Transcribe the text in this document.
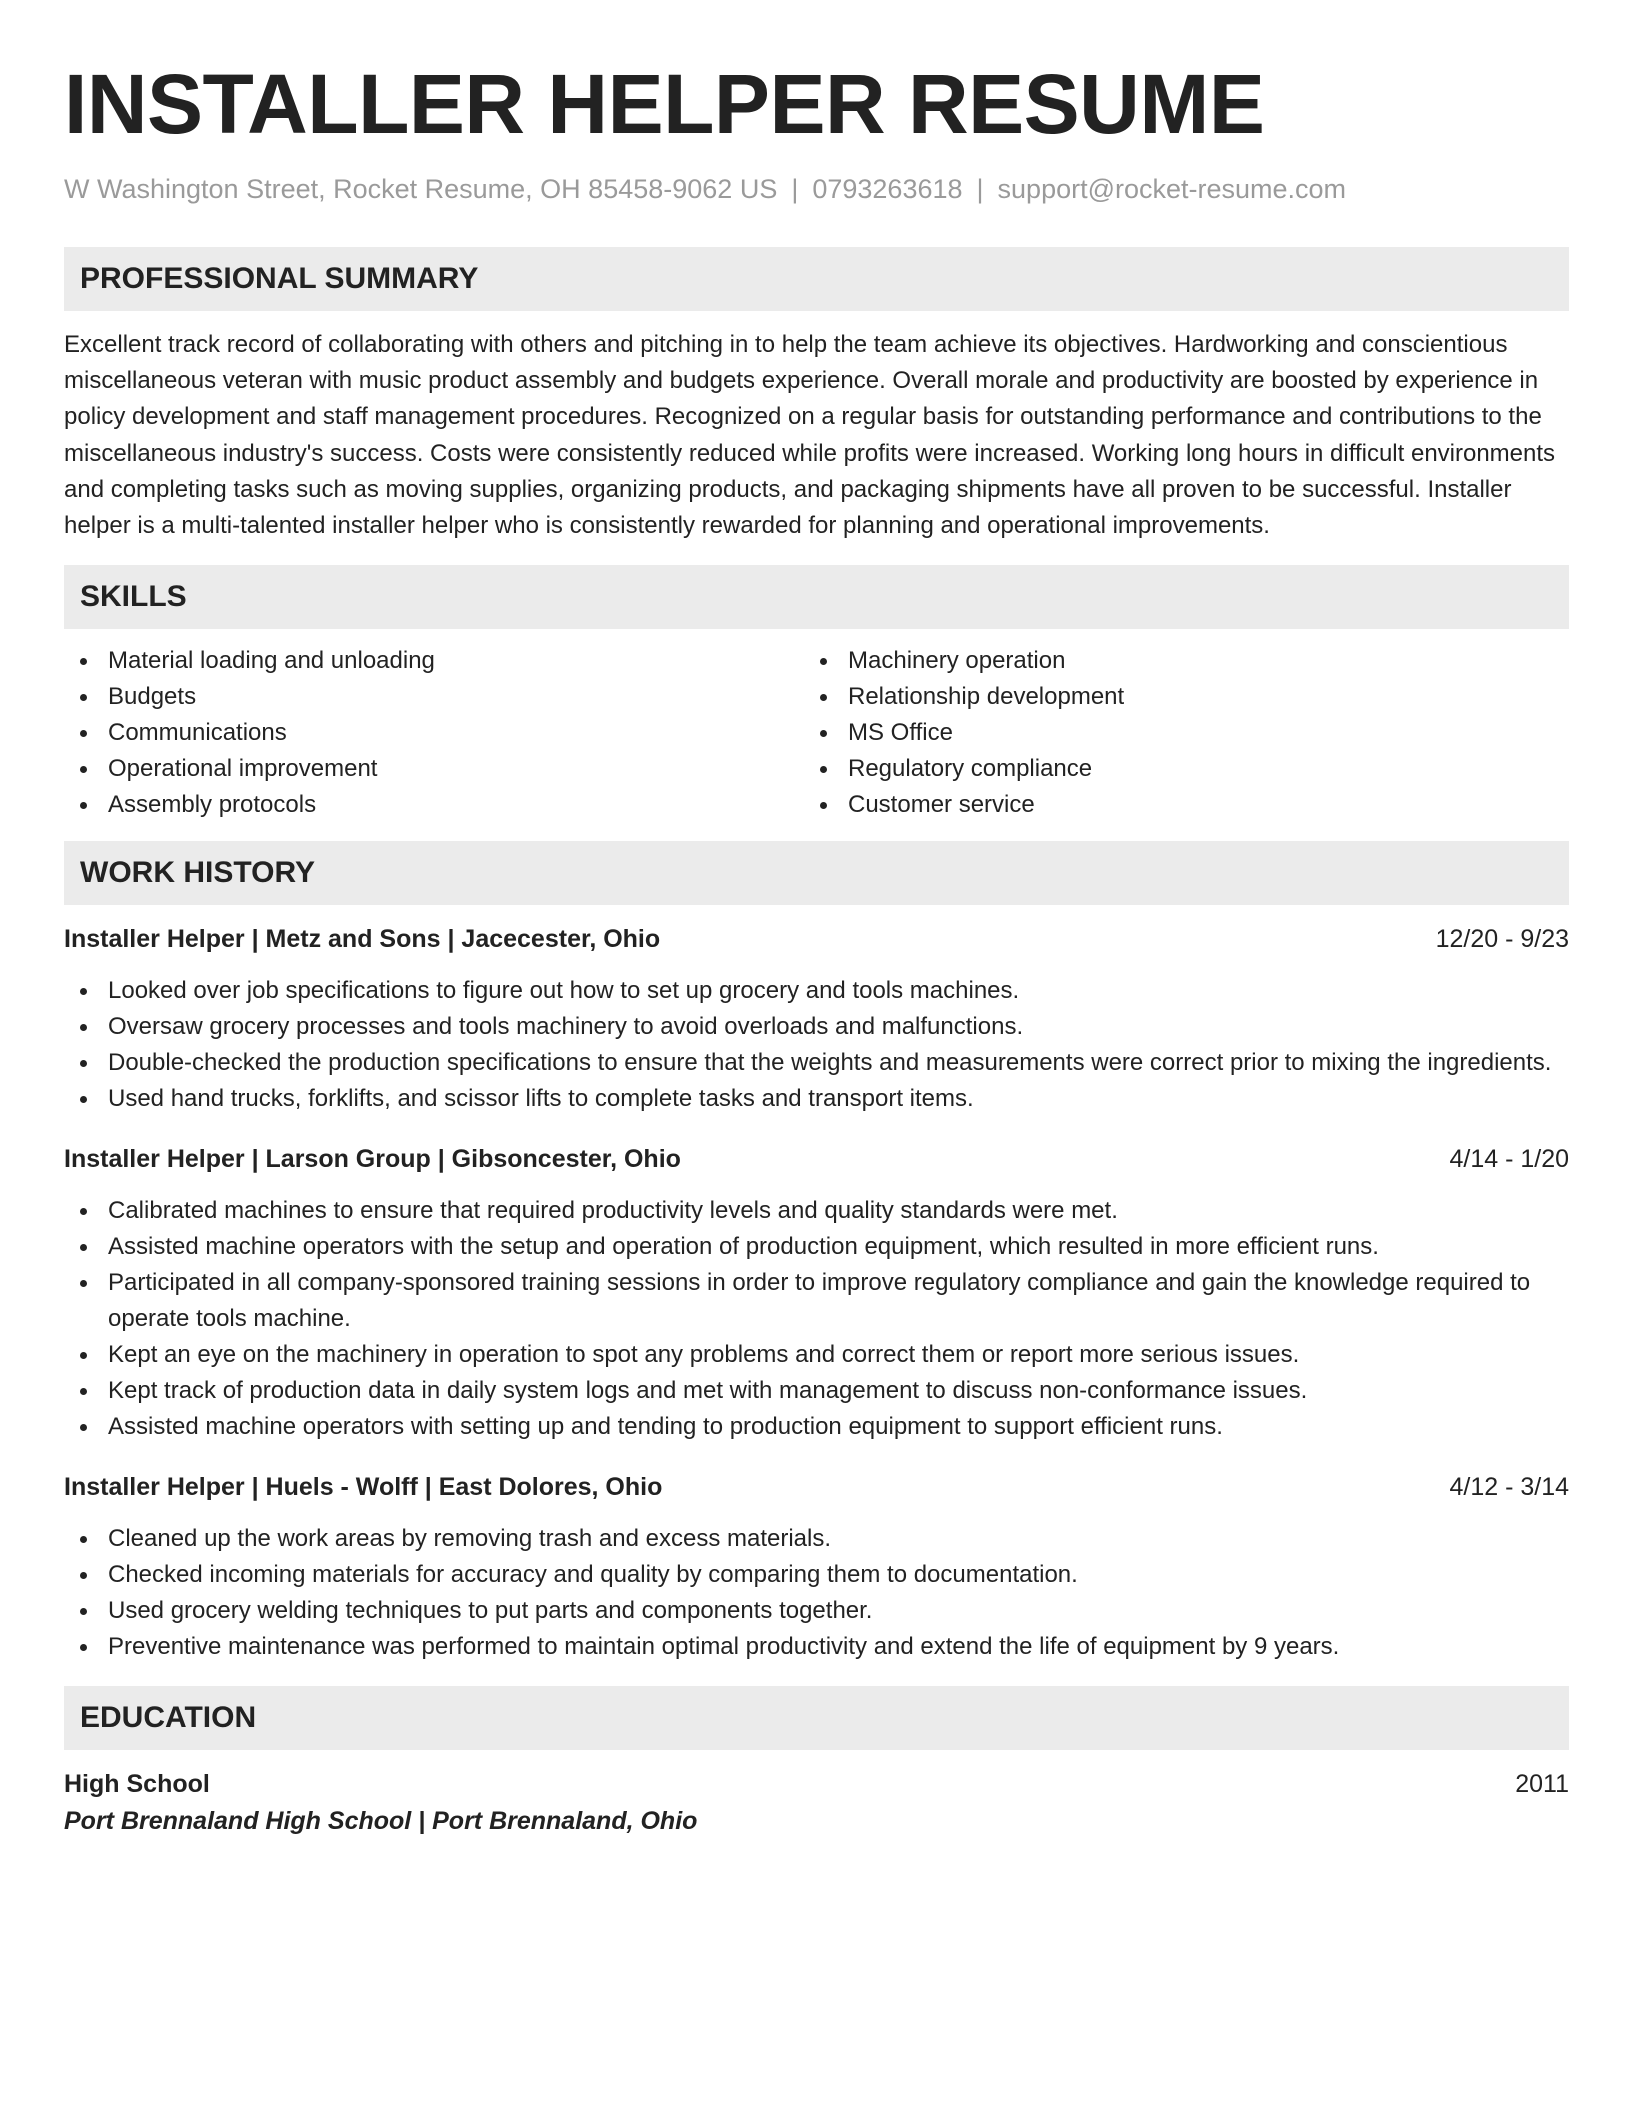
INSTALLER HELPER RESUME
W Washington Street, Rocket Resume, OH 85458-9062 US | 0793263618 | support@rocket-resume.com
PROFESSIONAL SUMMARY

Excellent track record of collaborating with others and pitching in to help the team achieve its objectives. Hardworking and conscientious miscellaneous veteran with music product assembly and budgets experience. Overall morale and productivity are boosted by experience in policy development and staff management procedures. Recognized on a regular basis for outstanding performance and contributions to the miscellaneous industry's success. Costs were consistently reduced while profits were increased. Working long hours in difficult environments and completing tasks such as moving supplies, organizing products, and packaging shipments have all proven to be successful. Installer helper is a multi-talented installer helper who is consistently rewarded for planning and operational improvements.

SKILLS
Material loading and unloading
Budgets
Communications
Operational improvement
Assembly protocols
Machinery operation
Relationship development
MS Office
Regulatory compliance
Customer service
WORK HISTORY
Installer Helper | Metz and Sons | Jacecester, Ohio	12/20 - 9/23
Looked over job specifications to figure out how to set up grocery and tools machines.
Oversaw grocery processes and tools machinery to avoid overloads and malfunctions.
Double-checked the production specifications to ensure that the weights and measurements were correct prior to mixing the ingredients.
Used hand trucks, forklifts, and scissor lifts to complete tasks and transport items.
Installer Helper | Larson Group | Gibsoncester, Ohio	4/14 - 1/20
Calibrated machines to ensure that required productivity levels and quality standards were met.
Assisted machine operators with the setup and operation of production equipment, which resulted in more efficient runs.
Participated in all company-sponsored training sessions in order to improve regulatory compliance and gain the knowledge required to operate tools machine.
Kept an eye on the machinery in operation to spot any problems and correct them or report more serious issues.
Kept track of production data in daily system logs and met with management to discuss non-conformance issues.
Assisted machine operators with setting up and tending to production equipment to support efficient runs.
Installer Helper | Huels - Wolff | East Dolores, Ohio	4/12 - 3/14
Cleaned up the work areas by removing trash and excess materials.
Checked incoming materials for accuracy and quality by comparing them to documentation.
Used grocery welding techniques to put parts and components together.
Preventive maintenance was performed to maintain optimal productivity and extend the life of equipment by 9 years.
EDUCATION
High School	2011
Port Brennaland High School | Port Brennaland, Ohio
